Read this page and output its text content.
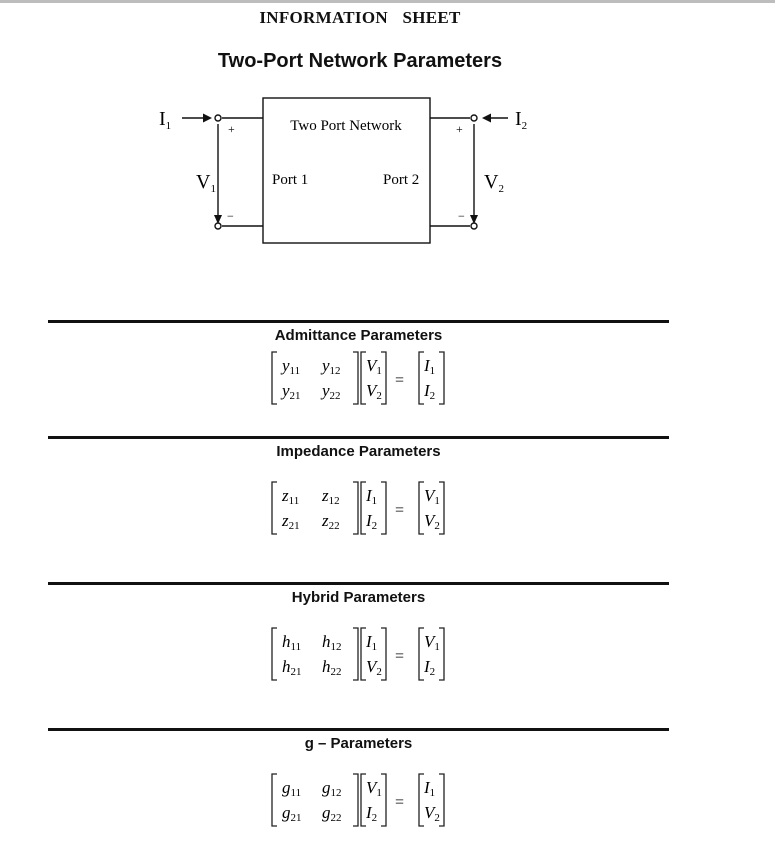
INFORMATION SHEET
Two-Port Network Parameters
Two Port Network
Port 1	Port 2
$I_1$	$I_2$
$V_1$	$V_2$
+
−
+
−
Admittance Parameters
y11 y12
y21 y22
V1
V2
=
I1
I2
Impedance Parameters
z11 z12
z21 z22
I1
I2
=
V1
V2
Hybrid Parameters
h11 h12
h21 h22
I1
V2
=
V1
I2
g – Parameters
g11 g12
g21 g22
V1
I2
=
I1
V2
